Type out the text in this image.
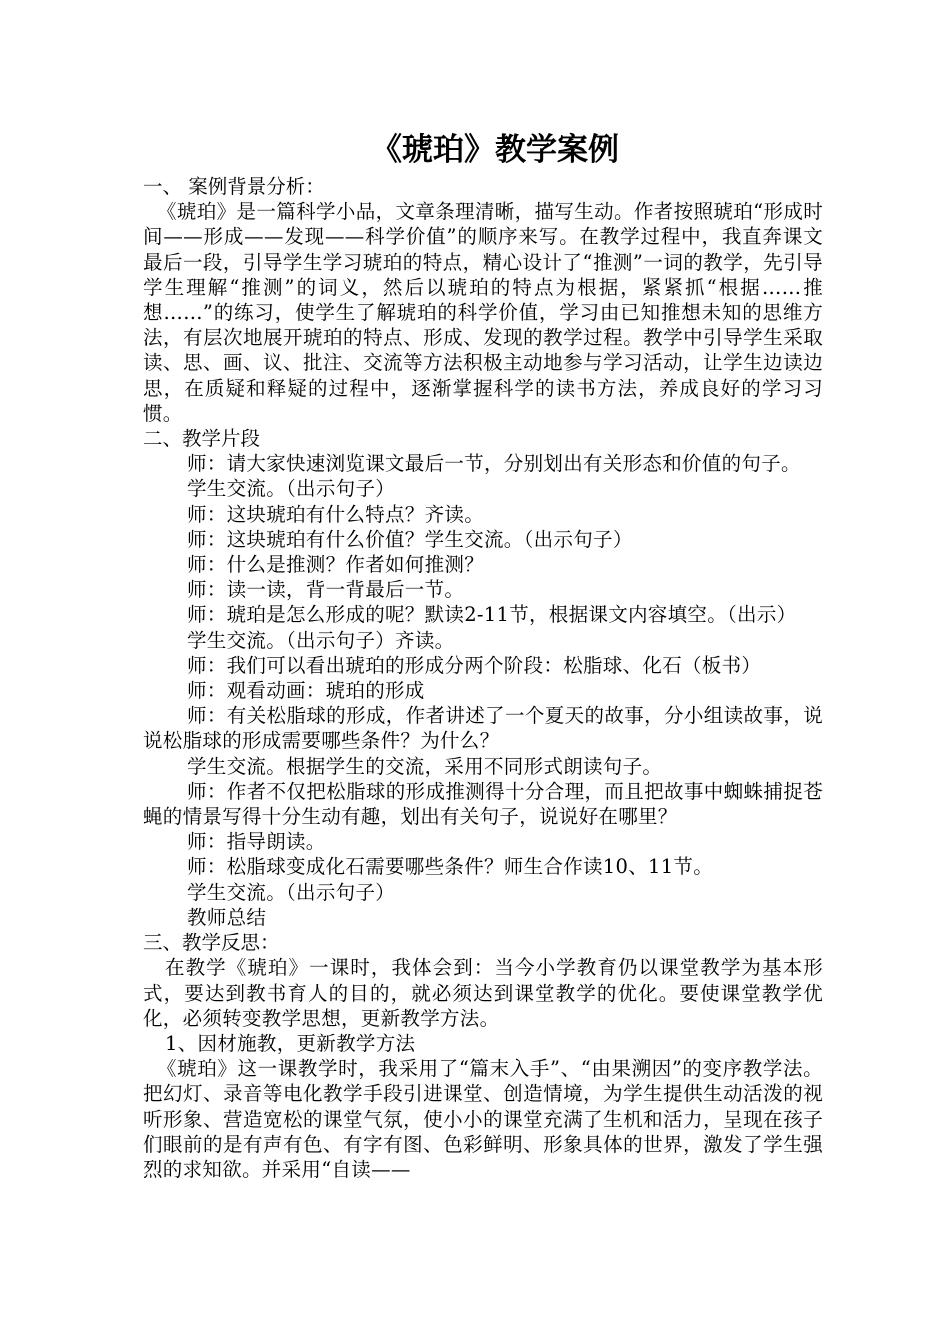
《琥珀》教学案例

一、 案例背景分析：

《琥珀》是一篇科学小品，文章条理清晰，描写生动。作者按照琥珀“形成时间——形成——发现——科学价值”的顺序来写。在教学过程中，我直奔课文最后一段，引导学生学习琥珀的特点，精心设计了“推测”一词的教学，先引导学生理解“推测”的词义，然后以琥珀的特点为根据，紧紧抓“根据……推想……”的练习，使学生了解琥珀的科学价值，学习由已知推想未知的思维方法，有层次地展开琥珀的特点、形成、发现的教学过程。教学中引导学生采取读、思、画、议、批注、交流等方法积极主动地参与学习活动，让学生边读边思，在质疑和释疑的过程中，逐渐掌握科学的读书方法，养成良好的学习习惯。

二、教学片段

师：请大家快速浏览课文最后一节，分别划出有关形态和价值的句子。

学生交流。（出示句子）

师：这块琥珀有什么特点？齐读。

师：这块琥珀有什么价值？学生交流。（出示句子）

师：什么是推测？作者如何推测？

师：读一读，背一背最后一节。

师：琥珀是怎么形成的呢？默读2-11节，根据课文内容填空。（出示）

学生交流。（出示句子）齐读。

师：我们可以看出琥珀的形成分两个阶段：松脂球、化石（板书）

师：观看动画：琥珀的形成

师：有关松脂球的形成，作者讲述了一个夏天的故事，分小组读故事，说说松脂球的形成需要哪些条件？为什么？

学生交流。根据学生的交流，采用不同形式朗读句子。

师：作者不仅把松脂球的形成推测得十分合理，而且把故事中蜘蛛捕捉苍蝇的情景写得十分生动有趣，划出有关句子，说说好在哪里？

师：指导朗读。

师：松脂球变成化石需要哪些条件？师生合作读10、11节。

学生交流。（出示句子）

教师总结

三、教学反思：

在教学《琥珀》一课时，我体会到：当今小学教育仍以课堂教学为基本形式，要达到教书育人的目的，就必须达到课堂教学的优化。要使课堂教学优化，必须转变教学思想，更新教学方法。

1、因材施教，更新教学方法

《琥珀》这一课教学时，我采用了“篇末入手”、“由果溯因”的变序教学法。把幻灯、录音等电化教学手段引进课堂、创造情境，为学生提供生动活泼的视听形象、营造宽松的课堂气氛，使小小的课堂充满了生机和活力，呈现在孩子们眼前的是有声有色、有字有图、色彩鲜明、形象具体的世界，激发了学生强烈的求知欲。并采用“自读——
